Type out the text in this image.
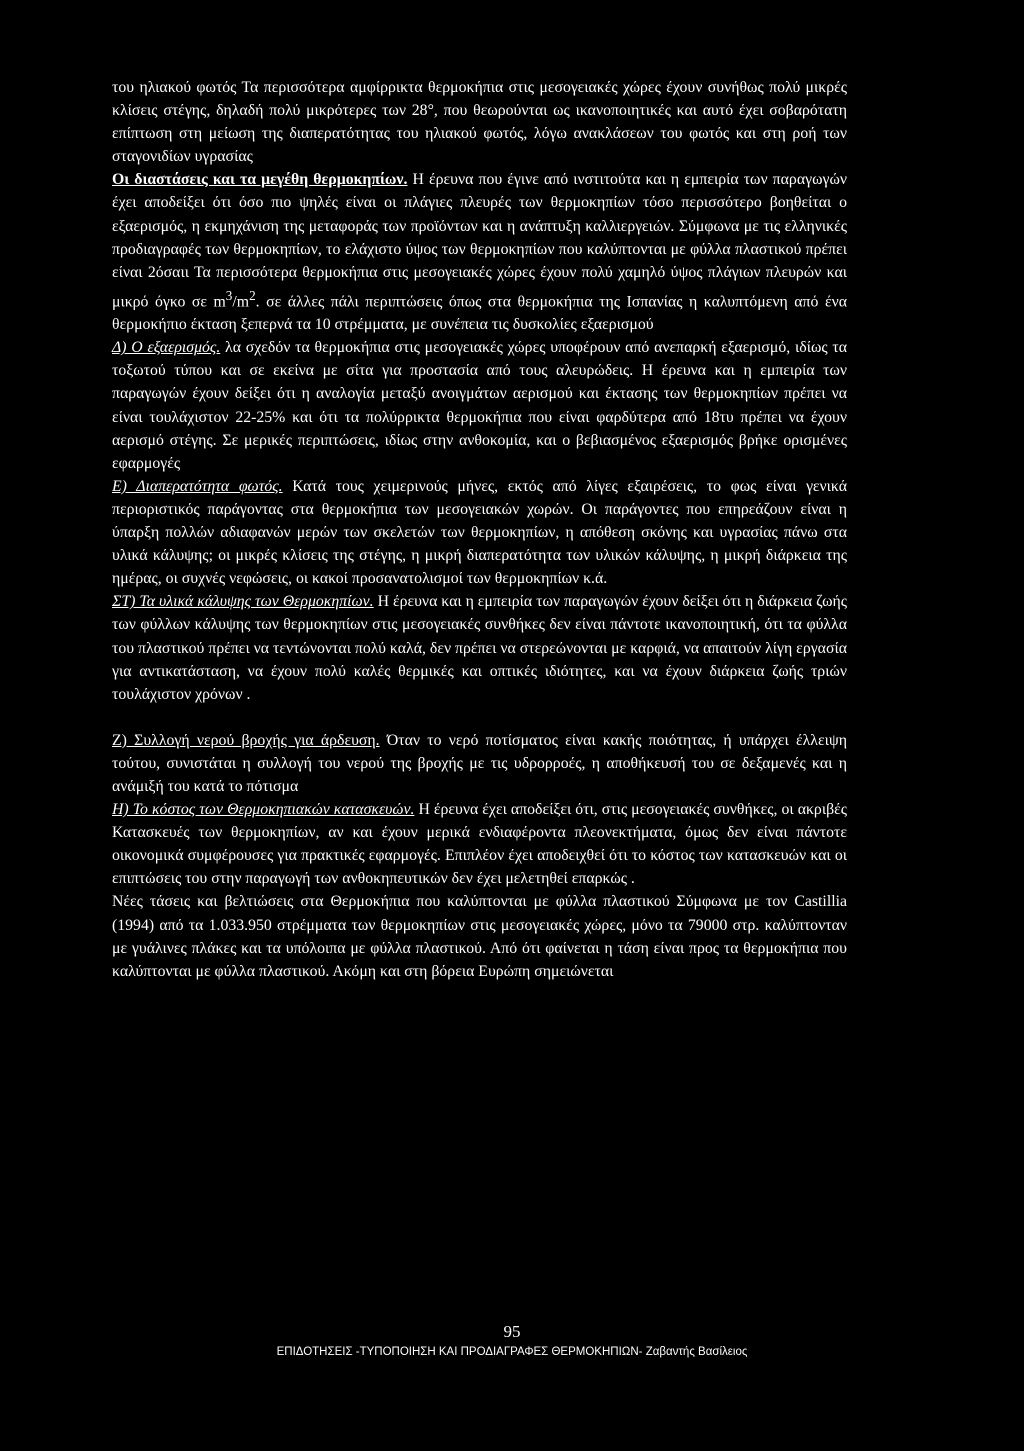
του ηλιακού φωτός Τα περισσότερα αμφίρρικτα θερμοκήπια στις μεσογειακές χώρες έχουν συνήθως πολύ μικρές κλίσεις στέγης, δηλαδή πολύ μικρότερες των 28°, που θεωρούνται ως ικανοποιητικές και αυτό έχει σοβαρότατη επίπτωση στη μείωση της διαπερατότητας του ηλιακού φωτός, λόγω ανακλάσεων του φωτός και στη ροή των σταγονιδίων υγρασίας

Οι διαστάσεις και τα μεγέθη θερμοκηπίων. Η έρευνα που έγινε από ινστιτούτα και η εμπειρία των παραγωγών έχει αποδείξει ότι όσο πιο ψηλές είναι οι πλάγιες πλευρές των θερμοκηπίων τόσο περισσότερο βοηθείται ο εξαερισμός, η εκμηχάνιση της μεταφοράς των προϊόντων και η ανάπτυξη καλλιεργειών. Σύμφωνα με τις ελληνικές προδιαγραφές των θερμοκηπίων, το ελάχιστο ύψος των θερμοκηπίων που καλύπτονται με φύλλα πλαστικού πρέπει είναι 2όσαιι Τα περισσότερα θερμοκήπια στις μεσογειακές χώρες έχουν πολύ χαμηλό ύψος πλάγιων πλευρών και μικρό όγκο σε $m^3/m^2$. σε άλλες πάλι περιπτώσεις όπως στα θερμοκήπια της Ισπανίας η καλυπτόμενη από ένα θερμοκήπιο έκταση ξεπερνά τα 10 στρέμματα, με συνέπεια τις δυσκολίες εξαερισμού

Δ) Ο εξαερισμός. λα σχεδόν τα θερμοκήπια στις μεσογειακές χώρες υποφέρουν από ανεπαρκή εξαερισμό, ιδίως τα τοξωτού τύπου και σε εκείνα με σίτα για προστασία από τους αλευρώδεις. Η έρευνα και η εμπειρία των παραγωγών έχουν δείξει ότι η αναλογία μεταξύ ανοιγμάτων αερισμού και έκτασης των θερμοκηπίων πρέπει να είναι τουλάχιστον 22-25% και ότι τα πολύρρικτα θερμοκήπια που είναι φαρδύτερα από 18τυ πρέπει να έχουν αερισμό στέγης. Σε μερικές περιπτώσεις, ιδίως στην ανθοκομία, και ο βεβιασμένος εξαερισμός βρήκε ορισμένες εφαρμογές

Ε) Διαπερατότητα φωτός. Κατά τους χειμερινούς μήνες, εκτός από λίγες εξαιρέσεις, το φως είναι γενικά περιοριστικός παράγοντας στα θερμοκήπια των μεσογειακών χωρών. Οι παράγοντες που επηρεάζουν είναι η ύπαρξη πολλών αδιαφανών μερών των σκελετών των θερμοκηπίων, η απόθεση σκόνης και υγρασίας πάνω στα υλικά κάλυψης; οι μικρές κλίσεις της στέγης, η μικρή διαπερατότητα των υλικών κάλυψης, η μικρή διάρκεια της ημέρας, οι συχνές νεφώσεις, οι κακοί προσανατολισμοί των θερμοκηπίων κ.ά.

ΣΤ) Τα υλικά κάλυψης των Θερμοκηπίων. Η έρευνα και η εμπειρία των παραγωγών έχουν δείξει ότι η διάρκεια ζωής των φύλλων κάλυψης των θερμοκηπίων στις μεσογειακές συνθήκες δεν είναι πάντοτε ικανοποιητική, ότι τα φύλλα του πλαστικού πρέπει να τεντώνονται πολύ καλά, δεν πρέπει να στερεώνονται με καρφιά, να απαιτούν λίγη εργασία για αντικατάσταση, να έχουν πολύ καλές θερμικές και οπτικές ιδιότητες, και να έχουν διάρκεια ζωής τριών τουλάχιστον χρόνων .

Ζ) Συλλογή νερού βροχής για άρδευση. Όταν το νερό ποτίσματος είναι κακής ποιότητας, ή υπάρχει έλλειψη τούτου, συνιστάται η συλλογή του νερού της βροχής με τις υδρορροές, η αποθήκευσή του σε δεξαμενές και η ανάμιξή του κατά το πότισμα

Η) Το κόστος των Θερμοκηπιακών κατασκευών. Η έρευνα έχει αποδείξει ότι, στις μεσογειακές συνθήκες, οι ακριβές Κατασκευές των θερμοκηπίων, αν και έχουν μερικά ενδιαφέροντα πλεονεκτήματα, όμως δεν είναι πάντοτε οικονομικά συμφέρουσες για πρακτικές εφαρμογές. Επιπλέον έχει αποδειχθεί ότι το κόστος των κατασκευών και οι επιπτώσεις του στην παραγωγή των ανθοκηπευτικών δεν έχει μελετηθεί επαρκώς .

Νέες τάσεις και βελτιώσεις στα Θερμοκήπια που καλύπτονται με φύλλα πλαστικού Σύμφωνα με τον Castillia (1994) από τα 1.033.950 στρέμματα των θερμοκηπίων στις μεσογειακές χώρες, μόνο τα 79000 στρ. καλύπτονταν με γυάλινες πλάκες και τα υπόλοιπα με φύλλα πλαστικού. Από ότι φαίνεται η τάση είναι προς τα θερμοκήπια που καλύπτονται με φύλλα πλαστικού. Ακόμη και στη βόρεια Ευρώπη σημειώνεται

95
ΕΠΙΔΟΤΗΣΕΙΣ -ΤΥΠΟΠΟΙΗΣΗ ΚΑΙ ΠΡΟΔΙΑΓΡΑΦΕΣ ΘΕΡΜΟΚΗΠΙΩΝ- Ζαβαντής Βασίλειος
